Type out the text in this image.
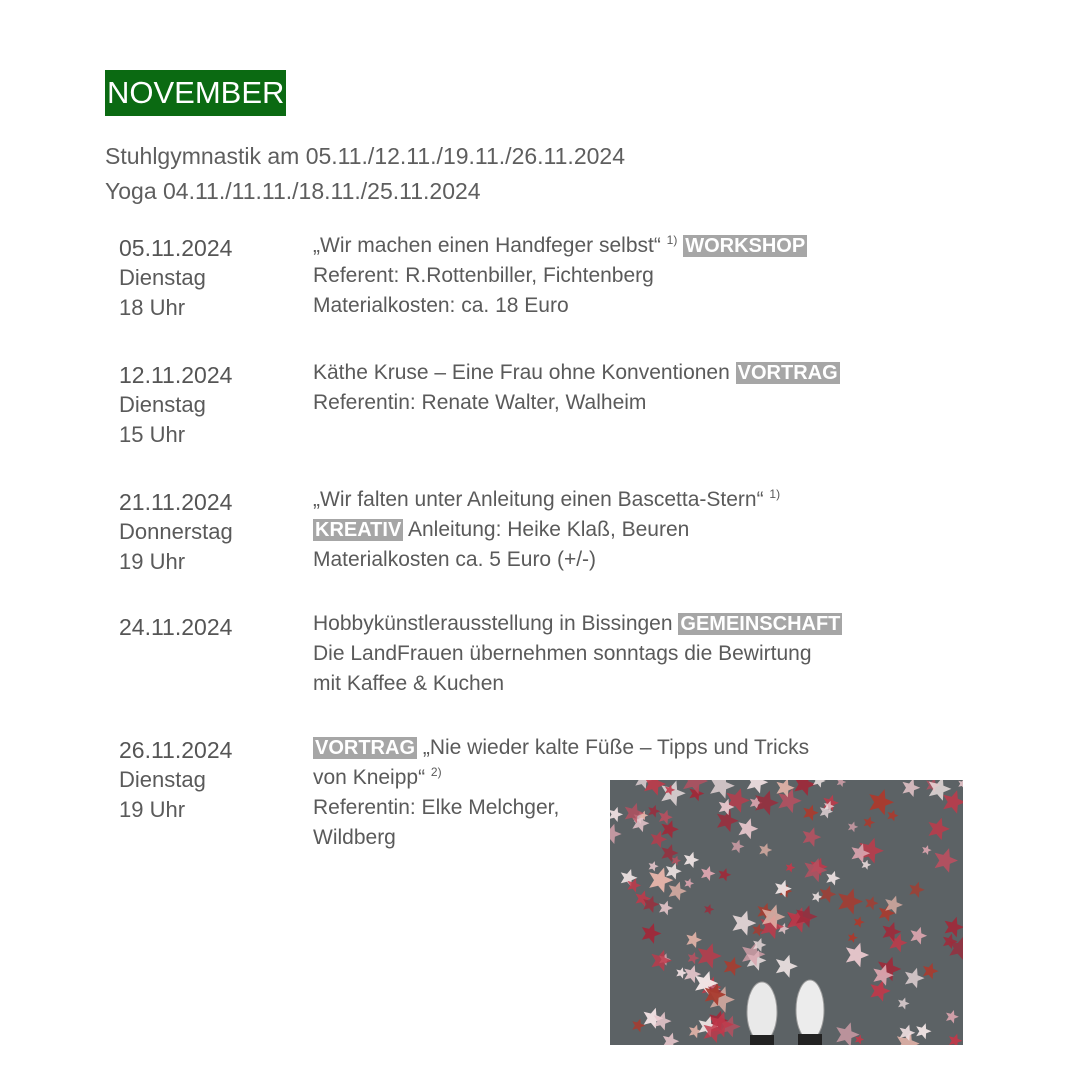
NOVEMBER
Stuhlgymnastik am 05.11./12.11./19.11./26.11.2024
Yoga 04.11./11.11./18.11./25.11.2024
05.11.2024
Dienstag
18 Uhr
„Wir machen einen Handfeger selbst“ $^{1)}$ WORKSHOP
Referent: R.Rottenbiller, Fichtenberg
Materialkosten: ca. 18 Euro
12.11.2024
Dienstag
15 Uhr
Käthe Kruse – Eine Frau ohne Konventionen VORTRAG
Referentin: Renate Walter, Walheim
21.11.2024
Donnerstag
19 Uhr
„Wir falten unter Anleitung einen Bascetta-Stern“ $^{1)}$
KREATIV Anleitung: Heike Klaß, Beuren
Materialkosten ca. 5 Euro (+/-)
24.11.2024	Hobbykünstlerausstellung in Bissingen GEMEINSCHAFT
Die LandFrauen übernehmen sonntags die Bewirtung
mit Kaffee & Kuchen
26.11.2024
Dienstag
19 Uhr
VORTRAG „Nie wieder kalte Füße – Tipps und Tricks
von Kneipp“ $^{2)}$
Referentin: Elke Melchger,
Wildberg
